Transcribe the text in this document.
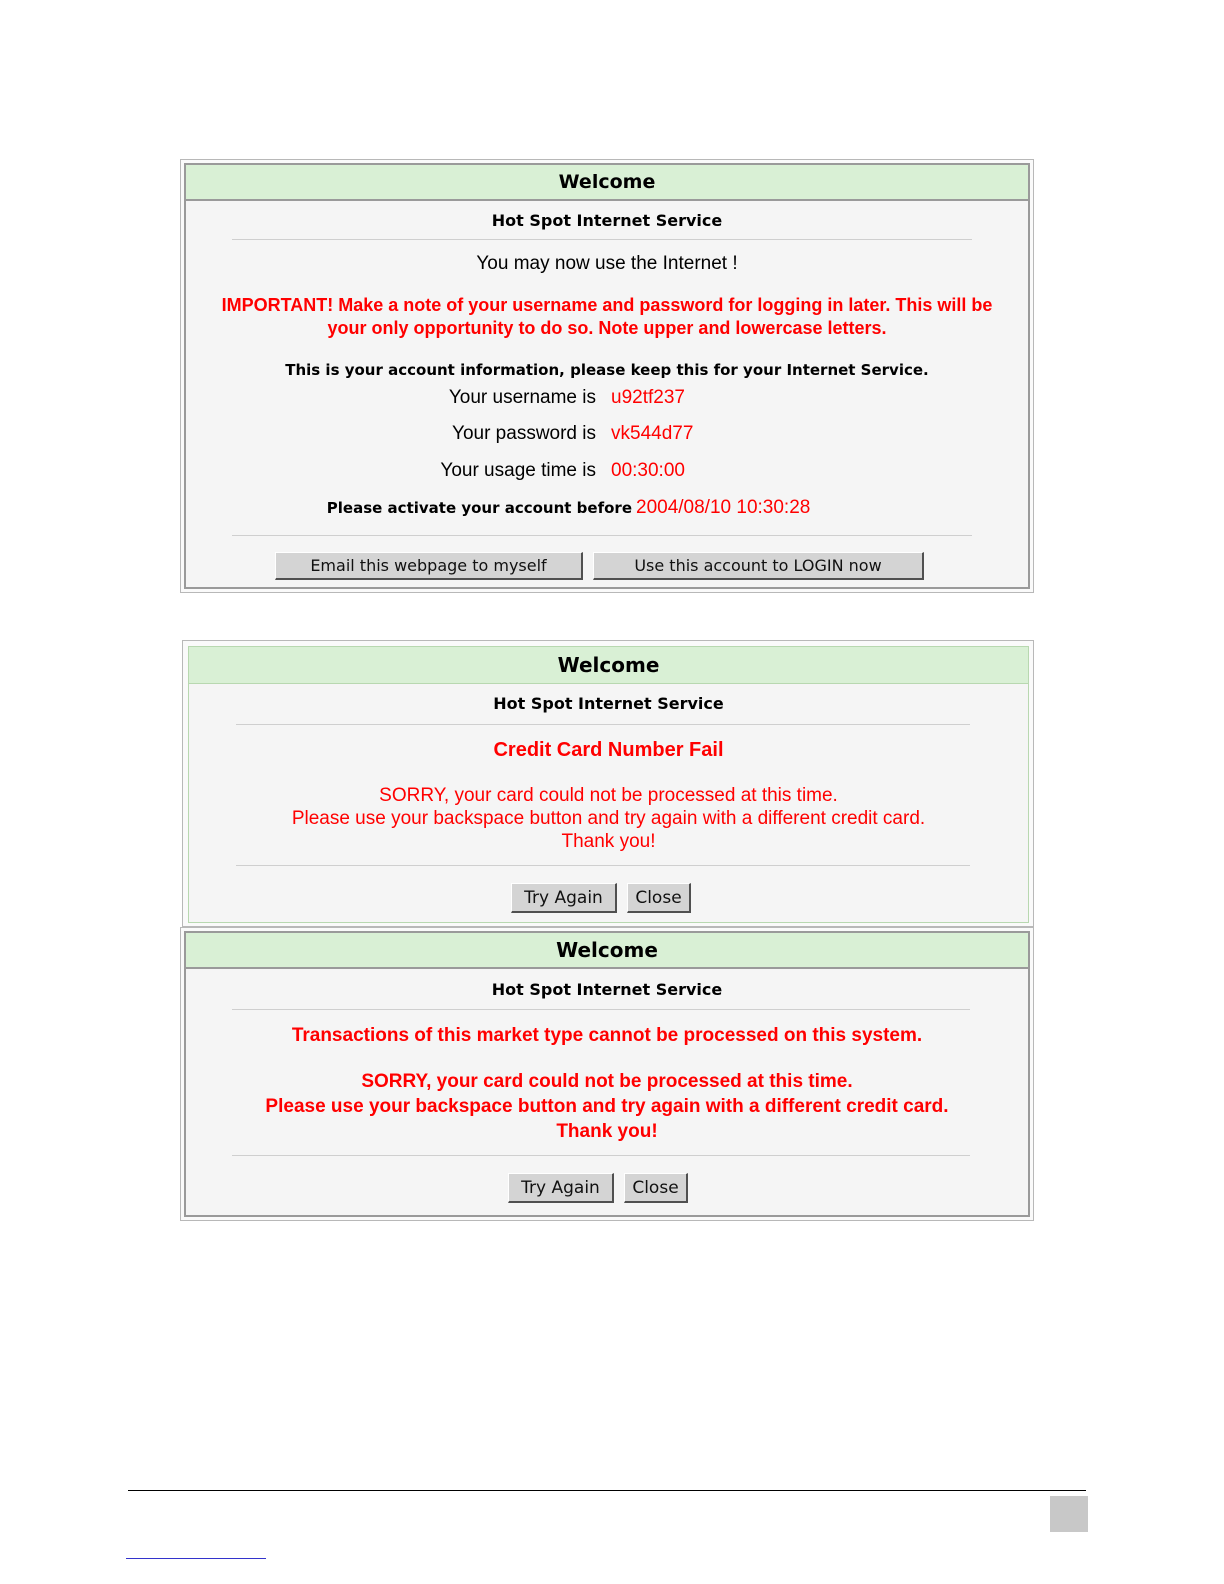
Welcome
Hot Spot Internet Service
You may now use the Internet !
IMPORTANT! Make a note of your username and password for logging in later. This will be
your only opportunity to do so. Note upper and lowercase letters.
This is your account information, please keep this for your Internet Service.
Your username is u92tf237
Your password is vk544d77
Your usage time is 00:30:00
Please activate your account before 2004/08/10 10:30:28
Email this webpage to myself	Use this account to LOGIN now
Welcome
Hot Spot Internet Service
Credit Card Number Fail
SORRY, your card could not be processed at this time.
Please use your backspace button and try again with a different credit card.
Thank you!
Try Again	Close
Welcome
Hot Spot Internet Service
Transactions of this market type cannot be processed on this system.
SORRY, your card could not be processed at this time.
Please use your backspace button and try again with a different credit card.
Thank you!
Try Again	Close
